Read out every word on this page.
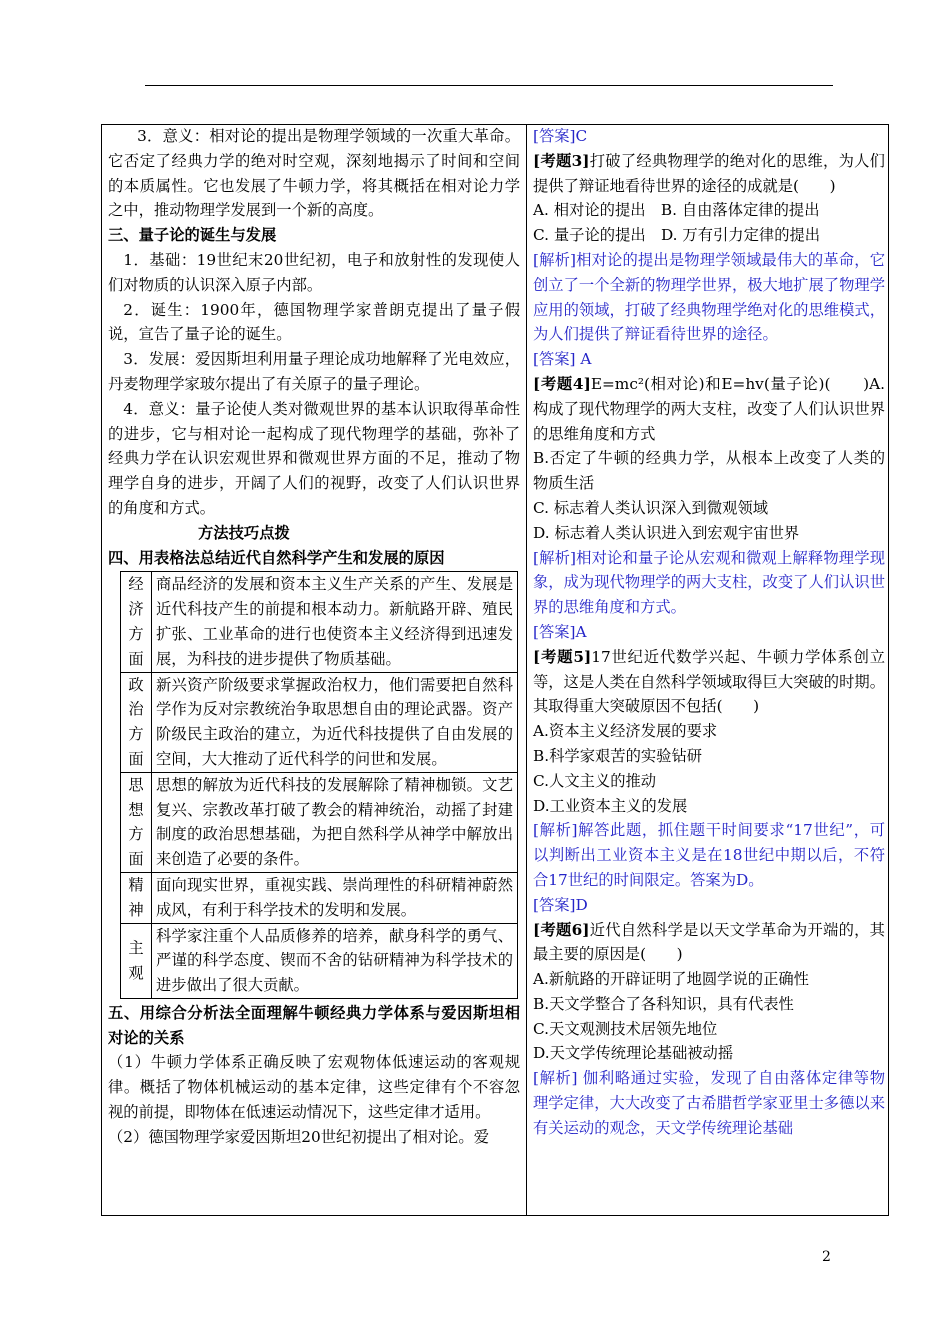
3．意义：相对论的提出是物理学领域的一次重大革命。它否定了经典力学的绝对时空观，深刻地揭示了时间和空间的本质属性。它也发展了牛顿力学，将其概括在相对论力学之中，推动物理学发展到一个新的高度。

三、量子论的诞生与发展

1．基础：19世纪末20世纪初，电子和放射性的发现使人们对物质的认识深入原子内部。

2．诞生：1900年，德国物理学家普朗克提出了量子假说，宣告了量子论的诞生。

3．发展：爱因斯坦利用量子理论成功地解释了光电效应，丹麦物理学家玻尔提出了有关原子的量子理论。

4．意义：量子论使人类对微观世界的基本认识取得革命性的进步，它与相对论一起构成了现代物理学的基础，弥补了经典力学在认识宏观世界和微观世界方面的不足，推动了物理学自身的进步，开阔了人们的视野，改变了人们认识世界的角度和方式。

方法技巧点拨

四、用表格法总结近代自然科学产生和发展的原因

经济方面	商品经济的发展和资本主义生产关系的产生、发展是近代科技产生的前提和根本动力。新航路开辟、殖民扩张、工业革命的进行也使资本主义经济得到迅速发展，为科技的进步提供了物质基础。
政治方面	新兴资产阶级要求掌握政治权力，他们需要把自然科学作为反对宗教统治争取思想自由的理论武器。资产阶级民主政治的建立，为近代科技提供了自由发展的空间，大大推动了近代科学的问世和发展。
思想方面	思想的解放为近代科技的发展解除了精神枷锁。文艺复兴、宗教改革打破了教会的精神统治，动摇了封建制度的政治思想基础，为把自然科学从神学中解放出来创造了必要的条件。
精神	面向现实世界，重视实践、崇尚理性的科研精神蔚然成风，有利于科学技术的发明和发展。
主观	科学家注重个人品质修养的培养，献身科学的勇气、严谨的科学态度、锲而不舍的钻研精神为科学技术的进步做出了很大贡献。

五、用综合分析法全面理解牛顿经典力学体系与爱因斯坦相对论的关系

（1）牛顿力学体系正确反映了宏观物体低速运动的客观规律。概括了物体机械运动的基本定律，这些定律有个不容忽视的前提，即物体在低速运动情况下，这些定律才适用。

（2）德国物理学家爱因斯坦20世纪初提出了相对论。爱

[答案]C

[考题3]打破了经典物理学的绝对化的思维，为人们提供了辩证地看待世界的途径的成就是(　　)

A. 相对论的提出　B. 自由落体定律的提出

C. 量子论的提出　D. 万有引力定律的提出

[解析]相对论的提出是物理学领域最伟大的革命，它创立了一个全新的物理学世界，极大地扩展了物理学应用的领域，打破了经典物理学绝对化的思维模式，为人们提供了辩证看待世界的途径。

[答案] A

[考题4]E=mc²(相对论)和E=hv(量子论)(　　)A. 构成了现代物理学的两大支柱，改变了人们认识世界的思维角度和方式

B.否定了牛顿的经典力学，从根本上改变了人类的物质生活

C. 标志着人类认识深入到微观领域

D. 标志着人类认识进入到宏观宇宙世界

[解析]相对论和量子论从宏观和微观上解释物理学现象，成为现代物理学的两大支柱，改变了人们认识世界的思维角度和方式。

[答案]A

[考题5]17世纪近代数学兴起、牛顿力学体系创立等，这是人类在自然科学领域取得巨大突破的时期。其取得重大突破原因不包括(　　)

A.资本主义经济发展的要求

B.科学家艰苦的实验钻研

C.人文主义的推动

D.工业资本主义的发展

[解析]解答此题，抓住题干时间要求“17世纪”，可以判断出工业资本主义是在18世纪中期以后，不符合17世纪的时间限定。答案为D。

[答案]D

[考题6]近代自然科学是以天文学革命为开端的，其最主要的原因是(　　)

A.新航路的开辟证明了地圆学说的正确性

B.天文学整合了各科知识，具有代表性

C.天文观测技术居领先地位

D.天文学传统理论基础被动摇

[解析] 伽利略通过实验，发现了自由落体定律等物理学定律，大大改变了古希腊哲学家亚里士多德以来有关运动的观念，天文学传统理论基础

2
